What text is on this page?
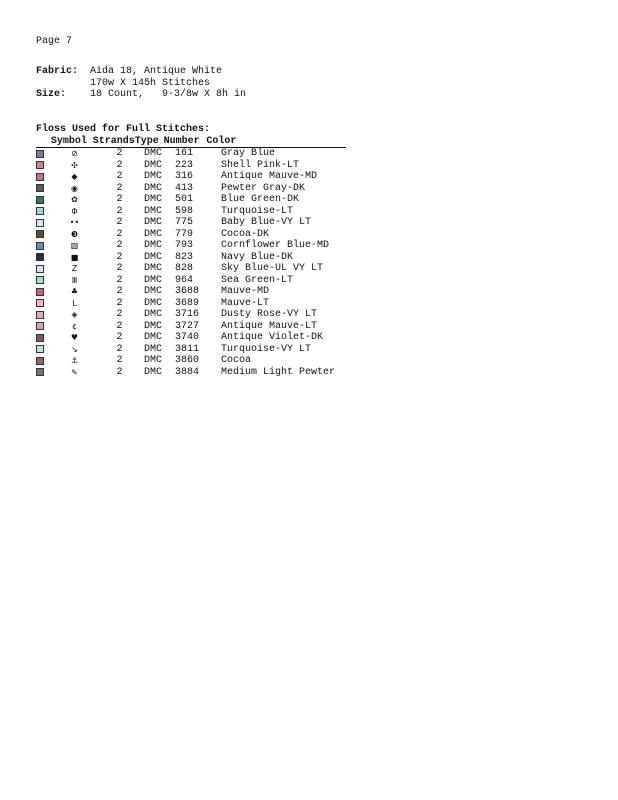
Page 7
Fabric:	Aida 18, Antique White
170w X 145h Stitches
Size:	18 Count,   9-3/8w X 8h in
Floss Used for Full Stitches:
Symbol Strands Type Number Color
⊘	2	DMC	161	Gray Blue
✣	2	DMC	223	Shell Pink-LT
◆	2	DMC	316	Antique Mauve-MD
◉	2	DMC	413	Pewter Gray-DK
✿	2	DMC	501	Blue Green-DK
Φ	2	DMC	598	Turquoise-LT
••	2	DMC	775	Baby Blue-VY LT
❸	2	DMC	779	Cocoa-DK
▧	2	DMC	793	Cornflower Blue-MD
■	2	DMC	823	Navy Blue-DK
Z	2	DMC	828	Sky Blue-UL VY LT
Ⅲ	2	DMC	964	Sea Green-LT
♣	2	DMC	3688	Mauve-MD
L	2	DMC	3689	Mauve-LT
◈	2	DMC	3716	Dusty Rose-VY LT
¢	2	DMC	3727	Antique Mauve-LT
♥	2	DMC	3740	Antique Violet-DK
↘	2	DMC	3811	Turquoise-VY LT
⚓	2	DMC	3860	Cocoa
✎	2	DMC	3884	Medium Light Pewter
